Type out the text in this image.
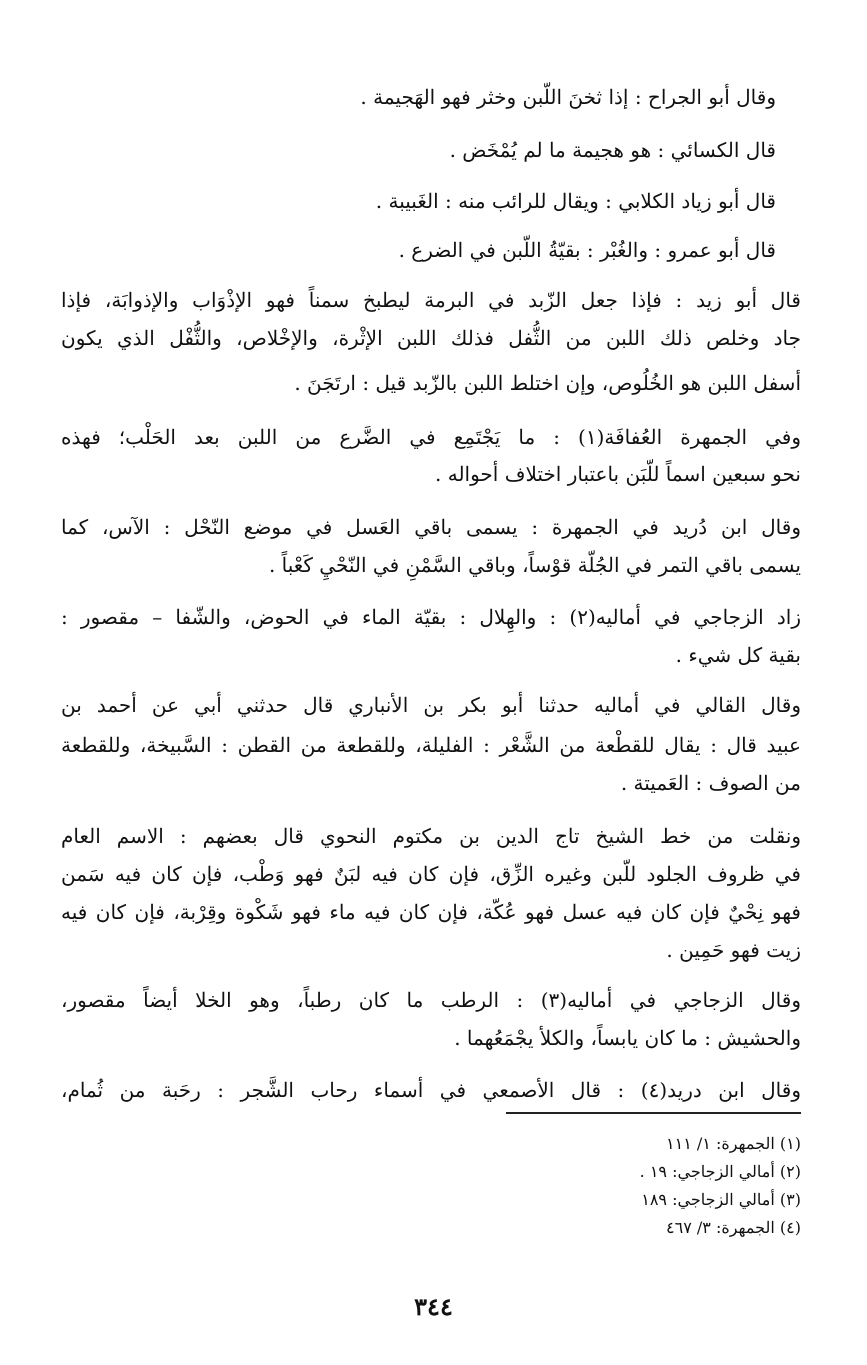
وقال أبو الجراح : إذا ثخنَ اللّبن وخثر فهو الهَجيمة .
قال الكسائي : هو هجيمة ما لم يُمْخَض .
قال أبو زياد الكلابي : ويقال للرائب منه : الغَبيبة .
قال أبو عمرو : والغُبْر : بقيّةُ اللّبن في الضرع .
قال أبو زيد : فإذا جعل الزّبد في البرمة ليطبخ سمناً فهو الإذْوَاب والإذوابَة، فإذا
جاد وخلص ذلك اللبن من الثُّفل فذلك اللبن الإثْرة، والإخْلاص، والثُّفْل الذي يكون
أسفل اللبن هو الخُلُوص، وإن اختلط اللبن بالزّبد قيل : ارتَجَنَ .
وفي الجمهرة العُفافَة(١) : ما يَجْتَمِع في الضَّرع من اللبن بعد الحَلْب؛ فهذه
نحو سبعين اسماً للّبَن باعتبار اختلاف أحواله .
وقال ابن دُريد في الجمهرة : يسمى باقي العَسل في موضع النّحْل : الآس، كما
يسمى باقي التمر في الجُلّة قوْساً، وباقي السَّمْنِ في النّحْيِ كَعْباً .
زاد الزجاجي في أماليه(٢) : والهِلال : بقيّة الماء في الحوض، والشّفا – مقصور :
بقية كل شيء .
وقال القالي في أماليه حدثنا أبو بكر بن الأنباري قال حدثني أبي عن أحمد بن
عبيد قال : يقال للقطْعة من الشَّعْر : الفليلة، وللقطعة من القطن : السَّبيخة، وللقطعة
من الصوف : العَميتة .
ونقلت من خط الشيخ تاج الدين بن مكتوم النحوي قال بعضهم : الاسم العام
في ظروف الجلود للّبن وغيره الزِّق، فإن كان فيه لبَنٌ فهو وَطْب، فإن كان فيه سَمن
فهو نِحْيٌ فإن كان فيه عسل فهو عُكّة، فإن كان فيه ماء فهو شَكْوة وقِرْبة، فإن كان فيه
زيت فهو حَمِين .
وقال الزجاجي في أماليه(٣) : الرطب ما كان رطباً، وهو الخلا أيضاً مقصور،
والحشيش : ما كان يابساً، والكلأ يجْمَعُهما .
وقال ابن دريد(٤) : قال الأصمعي في أسماء رحاب الشَّجر : رحَبة من ثُمام،
(١) الجمهرة: ١/ ١١١
(٢) أمالي الزجاجي: ١٩ .
(٣) أمالي الزجاجي: ١٨٩
(٤) الجمهرة: ٣/ ٤٦٧
٣٤٤
